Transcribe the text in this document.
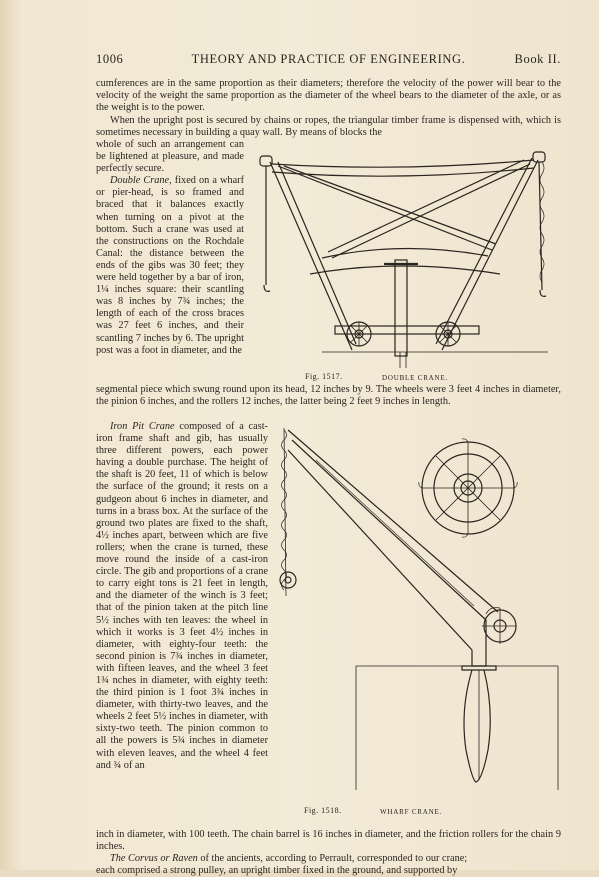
1006	THEORY AND PRACTICE OF ENGINEERING.	Book II.

cumferences are in the same proportion as their diameters; therefore the velocity of the power will bear to the velocity of the weight the same proportion as the diameter of the wheel bears to the diameter of the axle, or as the weight is to the power.

When the upright post is secured by chains or ropes, the triangular timber frame is dispensed with, which is sometimes necessary in building a quay wall. By means of blocks the

whole of such an arrangement can be lightened at pleasure, and made perfectly secure.

Double Crane, fixed on a wharf or pier-head, is so framed and braced that it balances exactly when turning on a pivot at the bottom. Such a crane was used at the constructions on the Rochdale Canal: the distance between the ends of the gibs was 30 feet; they were held together by a bar of iron, 1¼ inches square: their scantling was 8 inches by 7¾ inches; the length of each of the cross braces was 27 feet 6 inches, and their scantling 7 inches by 6. The upright post was a foot in diameter, and the

Fig. 1517.	DOUBLE CRANE.

segmental piece which swung round upon its head, 12 inches by 9. The wheels were 3 feet 4 inches in diameter, the pinion 6 inches, and the rollers 12 inches, the latter being 2 feet 9 inches in length.

Iron Pit Crane composed of a cast-iron frame shaft and gib, has usually three different powers, each power having a double purchase. The height of the shaft is 20 feet, 11 of which is below the surface of the ground; it rests on a gudgeon about 6 inches in diameter, and turns in a brass box. At the surface of the ground two plates are fixed to the shaft, 4½ inches apart, between which are five rollers; when the crane is turned, these move round the inside of a cast-iron circle. The gib and proportions of a crane to carry eight tons is 21 feet in length, and the diameter of the winch is 3 feet; that of the pinion taken at the pitch line 5½ inches with ten leaves: the wheel in which it works is 3 feet 4½ inches in diameter, with eighty-four teeth: the second pinion is 7¾ inches in diameter, with fifteen leaves, and the wheel 3 feet 1¾ nches in diameter, with eighty teeth: the third pinion is 1 foot 3¾ inches in diameter, with thirty-two leaves, and the wheels 2 feet 5½ inches in diameter, with sixty-two teeth. The pinion common to all the powers is 5¾ inches in diameter with eleven leaves, and the wheel 4 feet and ¾ of an

Fig. 1518.	WHARF CRANE.

inch in diameter, with 100 teeth. The chain barrel is 16 inches in diameter, and the friction rollers for the chain 9 inches.

The Corvus or Raven of the ancients, according to Perrault, corresponded to our crane;

each comprised a strong pulley, an upright timber fixed in the ground, and supported by
